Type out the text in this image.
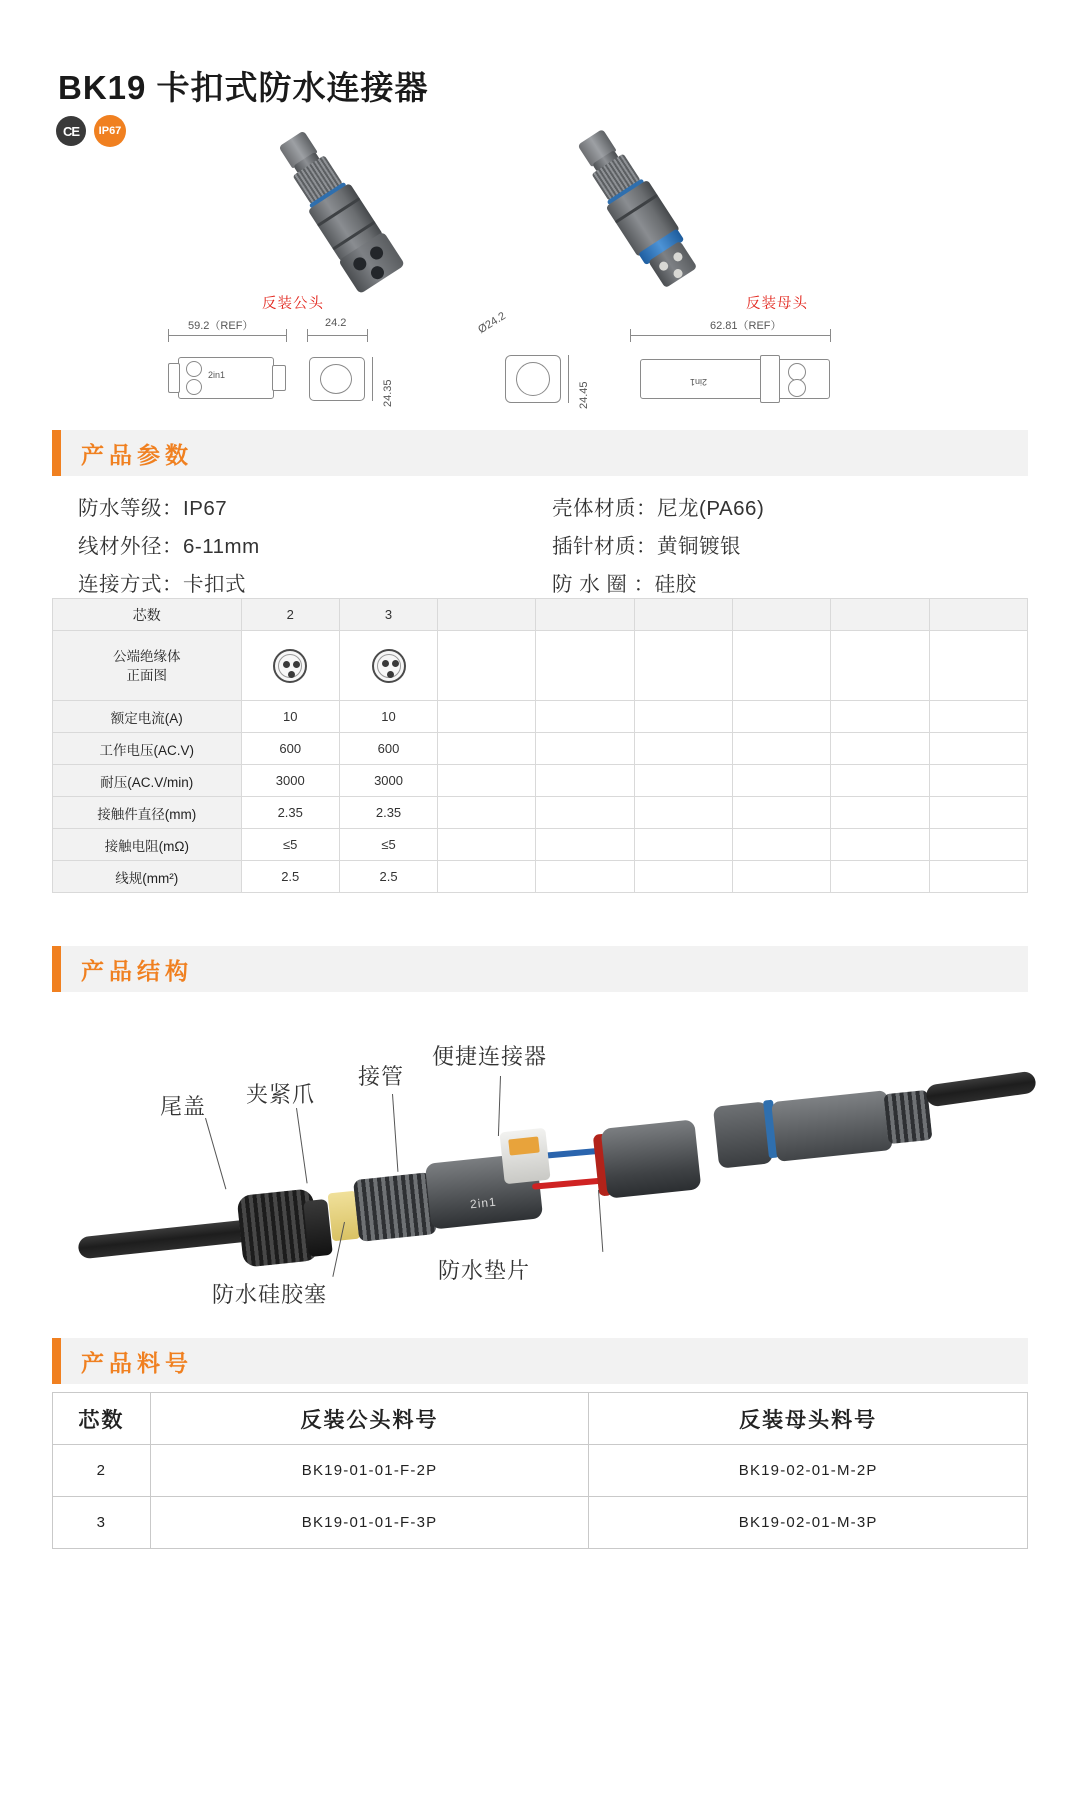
BK19 卡扣式防水连接器
CE	IP67
反装公头	反装母头
59.2（REF）
2in1
24.2
24.35
Ø24.2
24.45
62.81（REF）
2in1
产品参数
防水等级：IP67
线材外径：6-11mm
连接方式：卡扣式
壳体材质：尼龙(PA66)
插针材质：黄铜镀银
防 水 圈 ：硅胶
芯数	2	3						

公端绝缘体
正面图								

额定电流(A)	10	10						
工作电压(AC.V)	600	600						
耐压(AC.V/min)	3000	3000						
接触件直径(mm)	2.35	2.35						
接触电阻(mΩ)	≤5	≤5						
线规(mm²)	2.5	2.5						
产品结构
2in1
尾盖 夹紧爪
接管
便捷连接器
防水硅胶塞
防水垫片
产品料号
芯数	反装公头料号	反装母头料号
2	BK19-01-01-F-2P	BK19-02-01-M-2P
3	BK19-01-01-F-3P	BK19-02-01-M-3P
